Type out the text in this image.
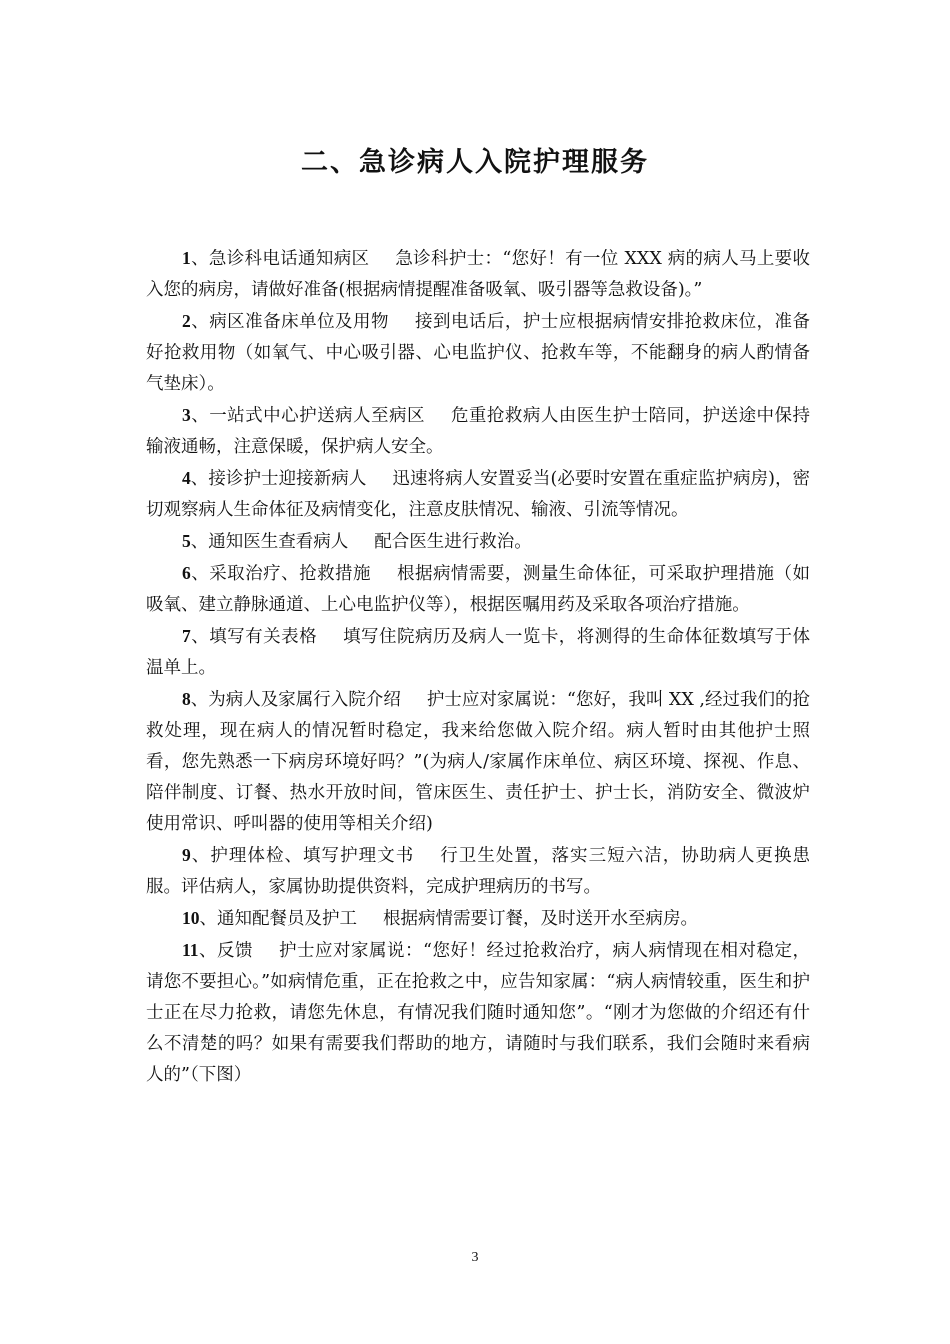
二、急诊病人入院护理服务

1、急诊科电话通知病区 急诊科护士：“您好！有一位 XXX 病的病人马上要收入您的病房，请做好准备(根据病情提醒准备吸氧、吸引器等急救设备)。”

2、病区准备床单位及用物 接到电话后，护士应根据病情安排抢救床位，准备好抢救用物（如氧气、中心吸引器、心电监护仪、抢救车等，不能翻身的病人酌情备气垫床）。

3、一站式中心护送病人至病区 危重抢救病人由医生护士陪同，护送途中保持输液通畅，注意保暖，保护病人安全。

4、接诊护士迎接新病人 迅速将病人安置妥当(必要时安置在重症监护病房)，密切观察病人生命体征及病情变化，注意皮肤情况、输液、引流等情况。

5、通知医生查看病人 配合医生进行救治。

6、采取治疗、抢救措施 根据病情需要，测量生命体征，可采取护理措施（如吸氧、建立静脉通道、上心电监护仪等），根据医嘱用药及采取各项治疗措施。

7、填写有关表格 填写住院病历及病人一览卡，将测得的生命体征数填写于体温单上。

8、为病人及家属行入院介绍 护士应对家属说：“您好，我叫 XX ,经过我们的抢救处理，现在病人的情况暂时稳定，我来给您做入院介绍。病人暂时由其他护士照看，您先熟悉一下病房环境好吗？”(为病人/家属作床单位、病区环境、探视、作息、陪伴制度、订餐、热水开放时间，管床医生、责任护士、护士长，消防安全、微波炉使用常识、呼叫器的使用等相关介绍)

9、护理体检、填写护理文书 行卫生处置，落实三短六洁，协助病人更换患服。评估病人，家属协助提供资料，完成护理病历的书写。

10、通知配餐员及护工 根据病情需要订餐，及时送开水至病房。

11、反馈 护士应对家属说：“您好！经过抢救治疗，病人病情现在相对稳定，请您不要担心。”如病情危重，正在抢救之中，应告知家属：“病人病情较重，医生和护士正在尽力抢救，请您先休息，有情况我们随时通知您”。“刚才为您做的介绍还有什么不清楚的吗？如果有需要我们帮助的地方，请随时与我们联系，我们会随时来看病人的”（下图）

3
